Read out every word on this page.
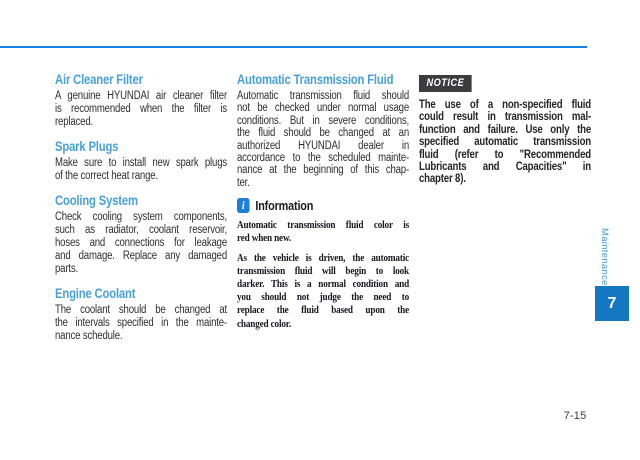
Air Cleaner Filter
A genuine HYUNDAI air cleaner filter
is recommended when the filter is
replaced.
Spark Plugs
Make sure to install new spark plugs
of the correct heat range.
Cooling System
Check cooling system components,
such as radiator, coolant reservoir,
hoses and connections for leakage
and damage. Replace any damaged
parts.
Engine Coolant
The coolant should be changed at
the intervals specified in the mainte-
nance schedule.
Automatic Transmission Fluid
Automatic transmission fluid should
not be checked under normal usage
conditions. But in severe conditions,
the fluid should be changed at an
authorized HYUNDAI dealer in
accordance to the scheduled mainte-
nance at the beginning of this chap-
ter.
i Information
Automatic transmission fluid color is
red when new.
As the vehicle is driven, the automatic
transmission fluid will begin to look
darker. This is a normal condition and
you should not judge the need to
replace the fluid based upon the
changed color.
NOTICE
The use of a non-specified fluid
could result in transmission mal-
function and failure. Use only the
specified automatic transmission
fluid (refer to "Recommended
Lubricants and Capacities" in
chapter 8).
Maintenance
7
7-15
